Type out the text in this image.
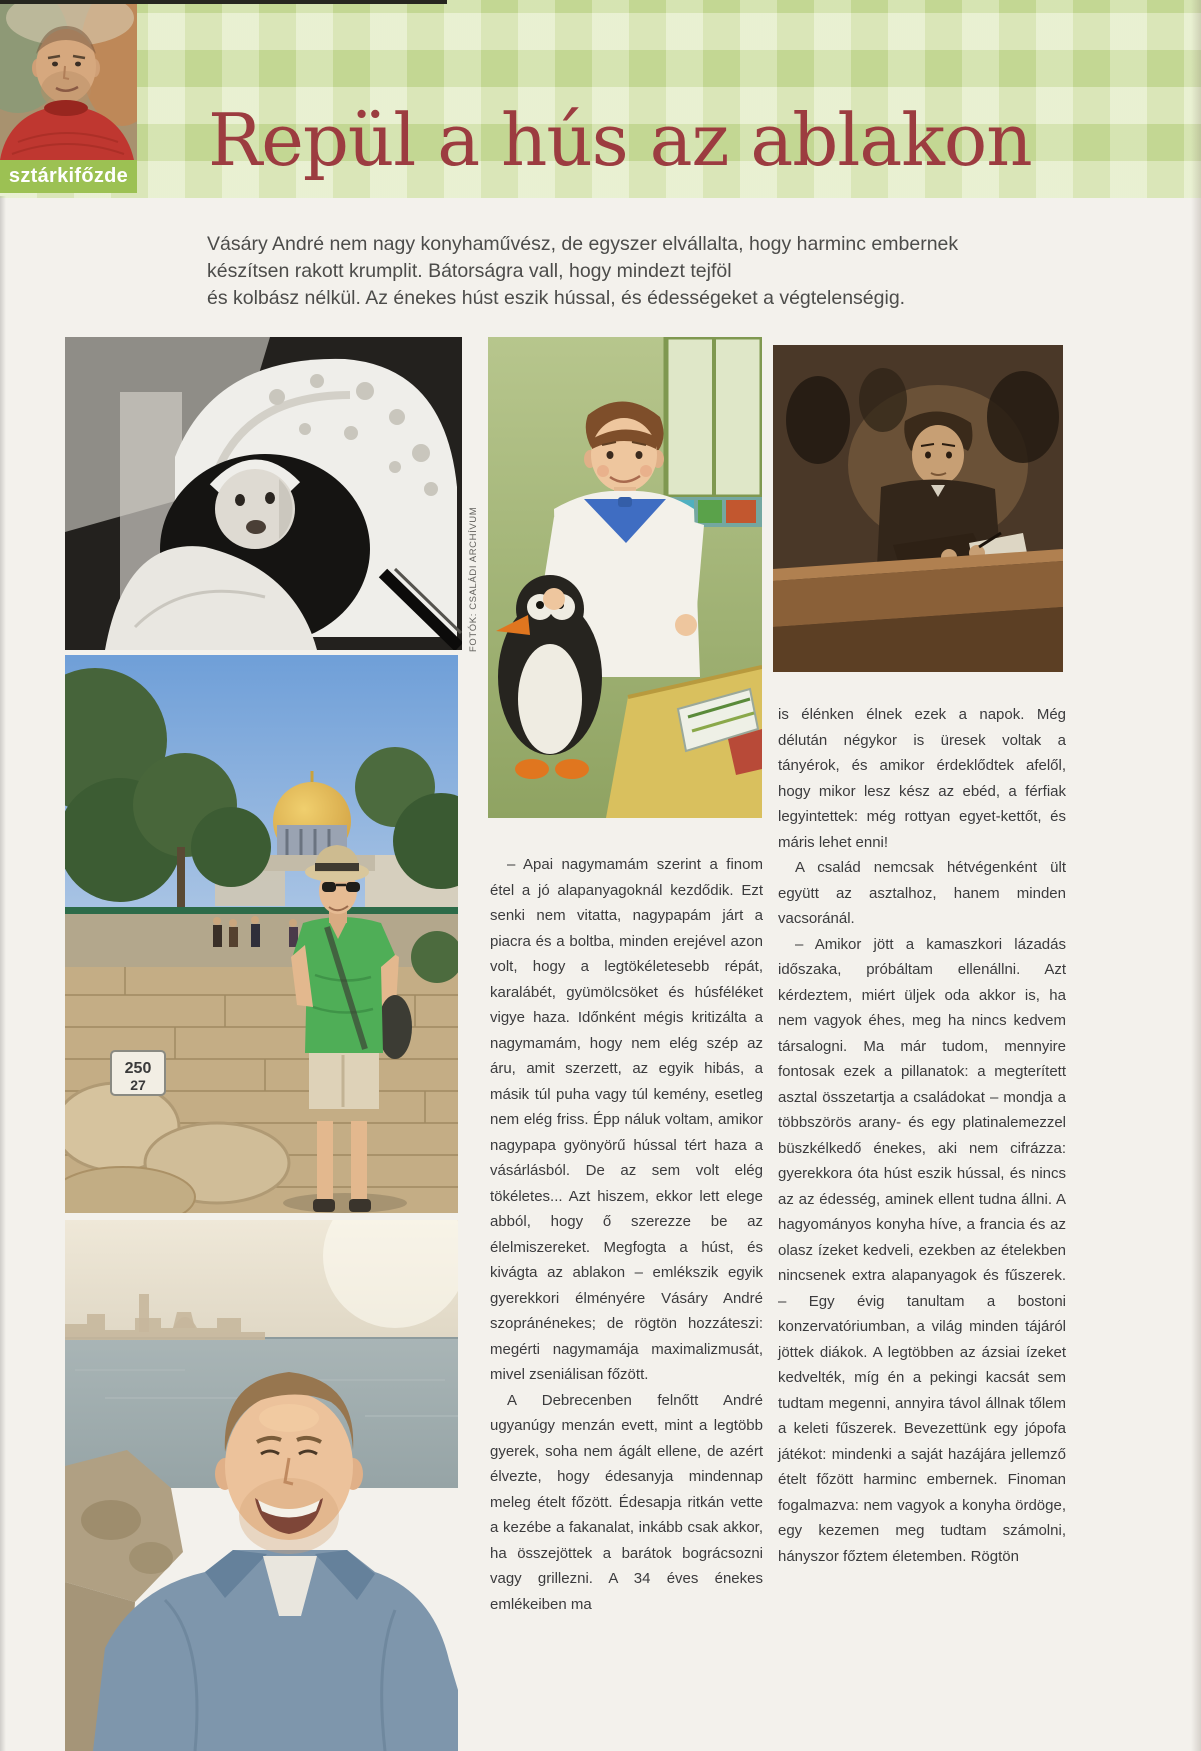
sztárkifőzde Repül a hús az ablakon
Vásáry André nem nagy konyhaművész, de egyszer elvállalta, hogy harminc embernek
készítsen rakott krumplit. Bátorságra vall, hogy mindezt tejföl
és kolbász nélkül. Az énekes húst eszik hússal, és édességeket a végtelenségig.
FOTÓK: CSALÁDI ARCHÍVUM
250
27

– Apai nagymamám szerint a finom étel a jó alapanyagoknál kezdődik. Ezt senki nem vitatta, nagypapám járt a piacra és a boltba, minden erejével azon volt, hogy a legtökéletesebb répát, karalábét, gyümölcsöket és húsféléket vigye haza. Időnként mégis kritizálta a nagymamám, hogy nem elég szép az áru, amit szerzett, az egyik hibás, a másik túl puha vagy túl kemény, esetleg nem elég friss. Épp náluk voltam, amikor nagypapa gyönyörű hússal tért haza a vásárlásból. De az sem volt elég tökéletes... Azt hiszem, ekkor lett elege abból, hogy ő szerezze be az élelmiszereket. Megfogta a húst, és kivágta az ablakon – emlékszik egyik gyerekkori élményére Vásáry André szopránénekes; de rögtön hozzáteszi: megérti nagymamája maximalizmusát, mivel zseniálisan főzött.

A Debrecenben felnőtt André ugyanúgy menzán evett, mint a legtöbb gyerek, soha nem ágált ellene, de azért élvezte, hogy édesanyja mindennap meleg ételt főzött. Édesapja ritkán vette a kezébe a fakanalat, inkább csak akkor, ha összejöttek a barátok bográcsozni vagy grillezni. A 34 éves énekes emlékeiben ma

is élénken élnek ezek a napok. Még délután négykor is üresek voltak a tányérok, és amikor érdeklődtek afelől, hogy mikor lesz kész az ebéd, a férfiak legyintettek: még rottyan egyet-kettőt, és máris lehet enni!

A család nemcsak hétvégenként ült együtt az asztalhoz, hanem minden vacsoránál.

– Amikor jött a kamaszkori lázadás időszaka, próbáltam ellenállni. Azt kérdeztem, miért üljek oda akkor is, ha nem vagyok éhes, meg ha nincs kedvem társalogni. Ma már tudom, mennyire fontosak ezek a pillanatok: a megterített asztal összetartja a családokat – mondja a többszörös arany- és egy platinalemezzel büszkélkedő énekes, aki nem cifrázza: gyerekkora óta húst eszik hússal, és nincs az az édesség, aminek ellent tudna állni. A hagyományos konyha híve, a francia és az olasz ízeket kedveli, ezekben az ételekben nincsenek extra alapanyagok és fűszerek. – Egy évig tanultam a bostoni konzervatóriumban, a világ minden tájáról jöttek diákok. A legtöbben az ázsiai ízeket kedvelték, míg én a pekingi kacsát sem tudtam megenni, annyira távol állnak tőlem a keleti fűszerek. Bevezettünk egy jópofa játékot: mindenki a saját hazájára jellemző ételt főzött harminc embernek. Finoman fogalmazva: nem vagyok a konyha ördöge, egy kezemen meg tudtam számolni, hányszor főztem életemben. Rögtön
